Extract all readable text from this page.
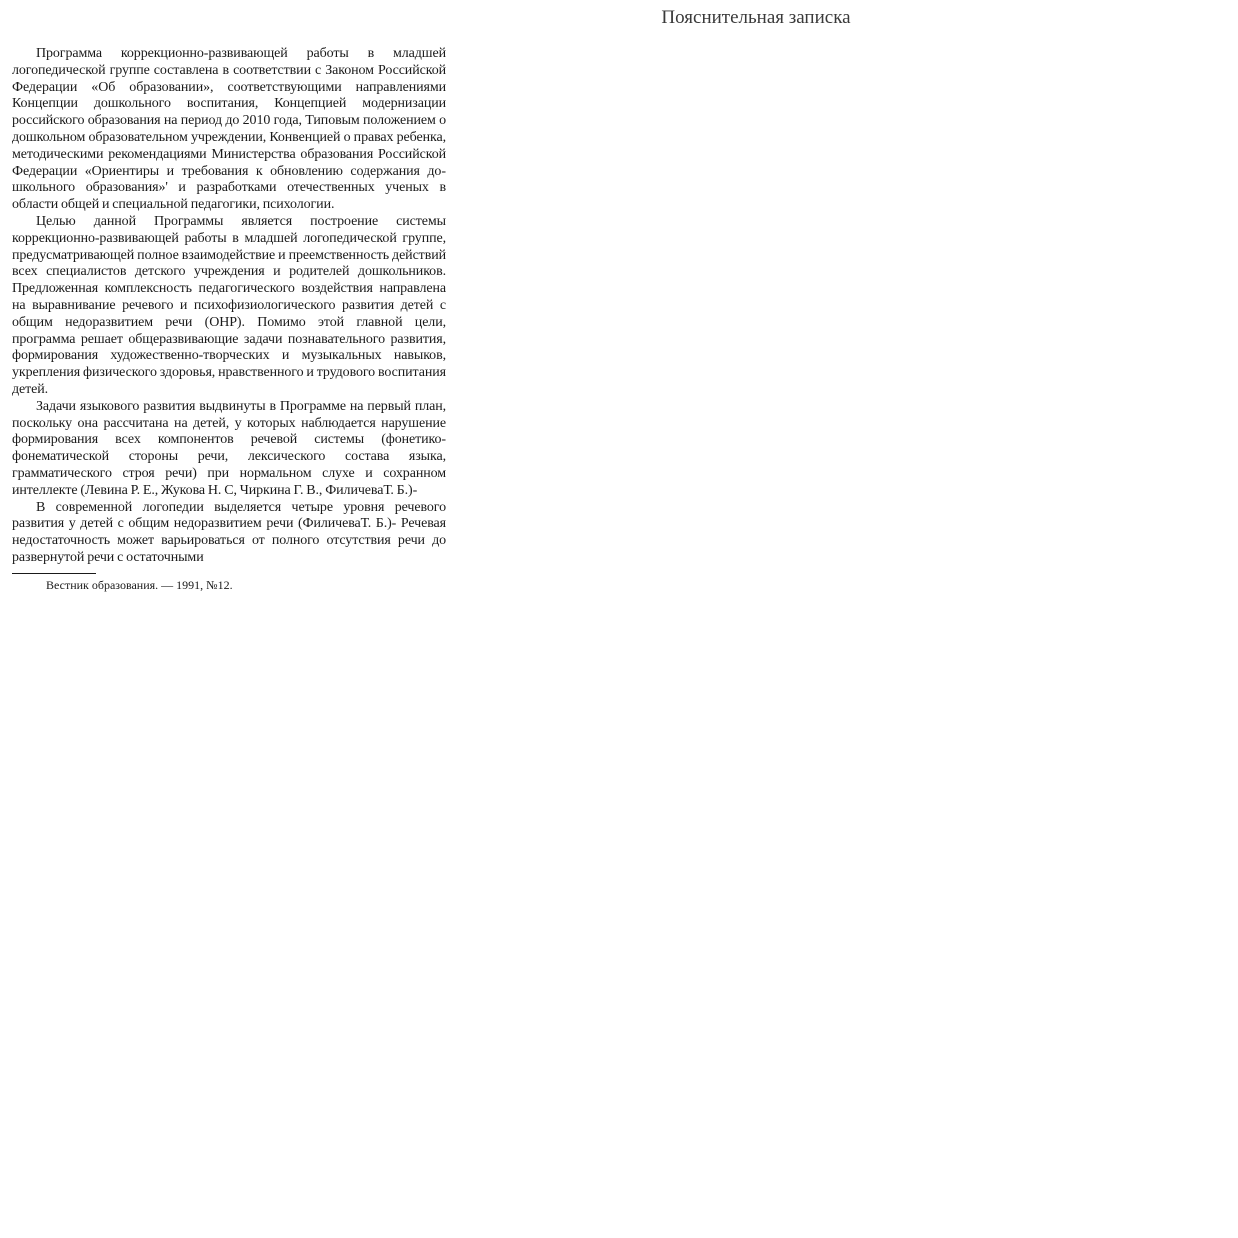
Пояснительная записка

Программа коррекционно-развивающей работы в младшей логопедической группе составлена в соответствии с Законом Российской Федерации «Об образовании», соответствующими направлениями Концепции дошкольного воспитания, Концепцией модернизации российского образования на период до 2010 года, Типовым положением о дошкольном образовательном учреждении, Конвенцией о правах ребенка, методическими рекомендациями Министерства образования Российской Федерации «Ориентиры и требования к обновлению содержания дошкольного образования»' и разработками отечественных ученых в области общей и специальной педагогики, психологии.

Целью данной Программы является построение системы коррекционно-развивающей работы в младшей логопедической группе, предусматривающей полное взаимодействие и преемственность действий всех специалистов детского учреждения и родителей дошкольников. Предложенная комплексность педагогического воздействия направлена на выравнивание речевого и психофизиологического развития детей с общим недоразвитием речи (ОНР). Помимо этой главной цели, программа решает общеразвивающие задачи познавательного развития, формирования художественно-творческих и музыкальных навыков, укрепления физического здоровья, нравственного и трудового воспитания детей.

Задачи языкового развития выдвинуты в Программе на первый план, поскольку она рассчитана на детей, у которых наблюдается нарушение формирования всех компонентов речевой системы (фонетико-фонематической стороны речи, лексического состава языка, грамматического строя речи) при нормальном слухе и сохранном интеллекте (Левина Р. Е., Жукова Н. С, Чиркина Г. В., ФиличеваТ. Б.)-

В современной логопедии выделяется четыре уровня речевого развития у детей с общим недоразвитием речи (ФиличеваТ. Б.)- Речевая недостаточность может варьироваться от полного отсутствия речи до развернутой речи с остаточными

Вестник образования. — 1991, №12.
